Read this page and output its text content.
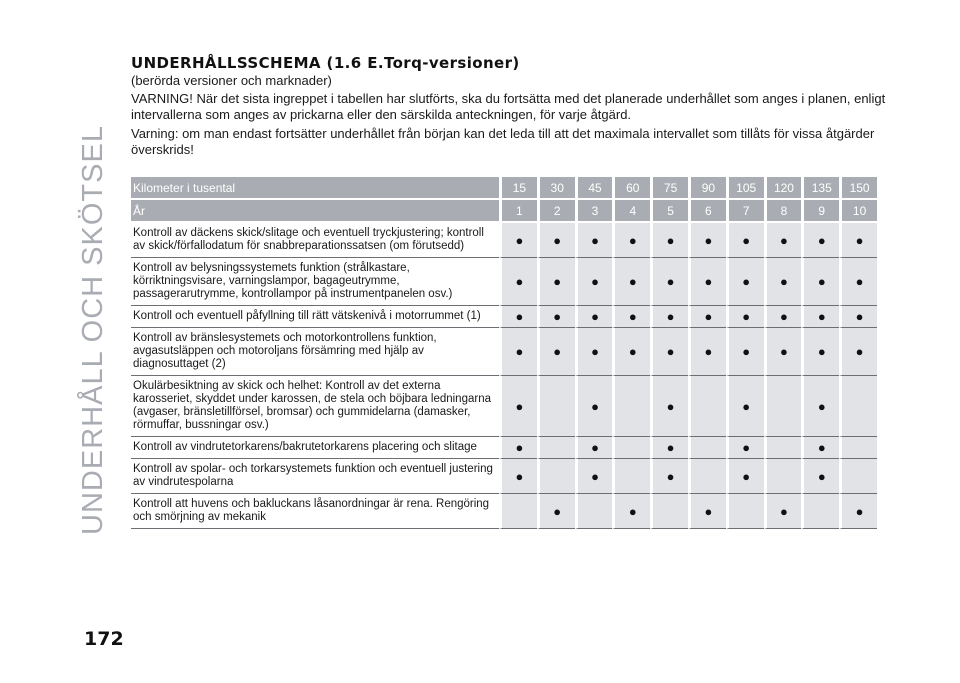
UNDERHÅLL OCH SKÖTSEL
172
UNDERHÅLLSSCHEMA (1.6 E.Torq-versioner)
(berörda versioner och marknader)
VARNING! När det sista ingreppet i tabellen har slutförts, ska du fortsätta med det planerade underhållet som anges i planen, enligt intervallerna som anges av prickarna eller den särskilda anteckningen, för varje åtgärd.
Varning: om man endast fortsätter underhållet från början kan det leda till att det maximala intervallet som tillåts för vissa åtgärder överskrids!
Kilometer i tusental	15	30	45	60	75	90	105	120	135	150
År	1	2	3	4	5	6	7	8	9	10
Kontroll av däckens skick/slitage och eventuell tryckjustering; kontroll av skick/förfallodatum för snabbreparationssatsen (om förutsedd)	●	●	●	●	●	●	●	●	●	●
Kontroll av belysningssystemets funktion (strålkastare, körriktningsvisare, varningslampor, bagageutrymme, passagerarutrymme, kontrollampor på instrumentpanelen osv.)	●	●	●	●	●	●	●	●	●	●
Kontroll och eventuell påfyllning till rätt vätskenivå i motorrummet (1)	●	●	●	●	●	●	●	●	●	●
Kontroll av bränslesystemets och motorkontrollens funktion, avgasutsläppen och motoroljans försämring med hjälp av diagnosuttaget (2)	●	●	●	●	●	●	●	●	●	●
Okulärbesiktning av skick och helhet: Kontroll av det externa karosseriet, skyddet under karossen, de stela och böjbara ledningarna (avgaser, bränsletillförsel, bromsar) och gummidelarna (damasker, rörmuffar, bussningar osv.)	●		●		●		●		●	
Kontroll av vindrutetorkarens/bakrutetorkarens placering och slitage	●		●		●		●		●	
Kontroll av spolar- och torkarsystemets funktion och eventuell justering av vindrutespolarna	●		●		●		●		●	
Kontroll att huvens och bakluckans låsanordningar är rena. Rengöring och smörjning av mekanik		●		●		●		●		●
